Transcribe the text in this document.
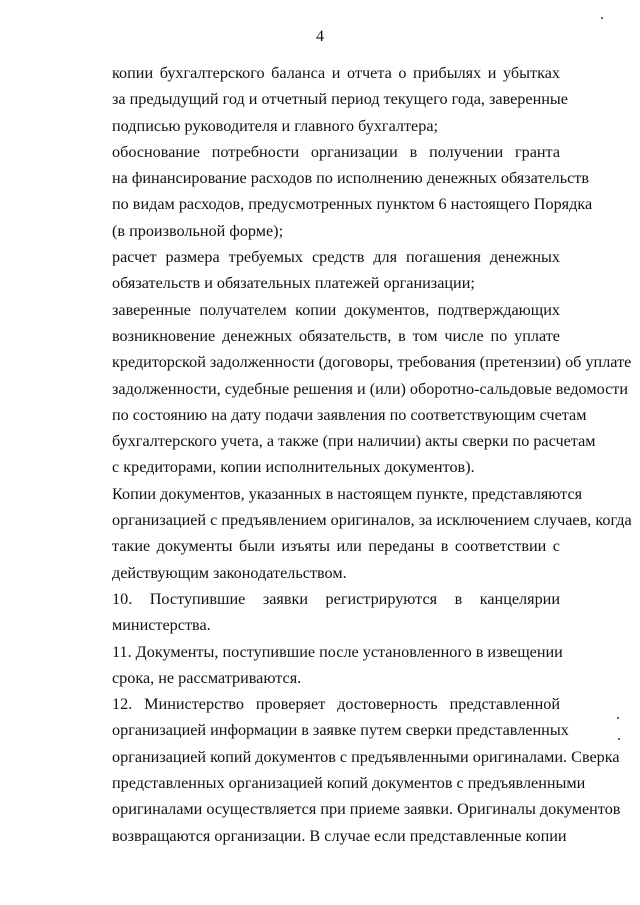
4

копии бухгалтерского баланса и отчета о прибылях и убытках
за предыдущий год и отчетный период текущего года, заверенные
подписью руководителя и главного бухгалтера;

обоснование потребности организации в получении гранта
на финансирование расходов по исполнению денежных обязательств
по видам расходов, предусмотренных пунктом 6 настоящего Порядка
(в произвольной форме);

расчет размера требуемых средств для погашения денежных
обязательств и обязательных платежей организации;

заверенные получателем копии документов, подтверждающих
возникновение денежных обязательств, в том числе по уплате
кредиторской задолженности (договоры, требования (претензии) об уплате
задолженности, судебные решения и (или) оборотно-сальдовые ведомости
по состоянию на дату подачи заявления по соответствующим счетам
бухгалтерского учета, а также (при наличии) акты сверки по расчетам
с кредиторами, копии исполнительных документов).

Копии документов, указанных в настоящем пункте, представляются
организацией с предъявлением оригиналов, за исключением случаев, когда
такие документы были изъяты или переданы в соответствии с
действующим законодательством.

10. Поступившие заявки регистрируются в канцелярии
министерства.

11. Документы, поступившие после установленного в извещении
срока, не рассматриваются.

12. Министерство проверяет достоверность представленной
организацией информации в заявке путем сверки представленных
организацией копий документов с предъявленными оригиналами. Сверка
представленных организацией копий документов с предъявленными
оригиналами осуществляется при приеме заявки. Оригиналы документов
возвращаются организации. В случае если представленные копии
